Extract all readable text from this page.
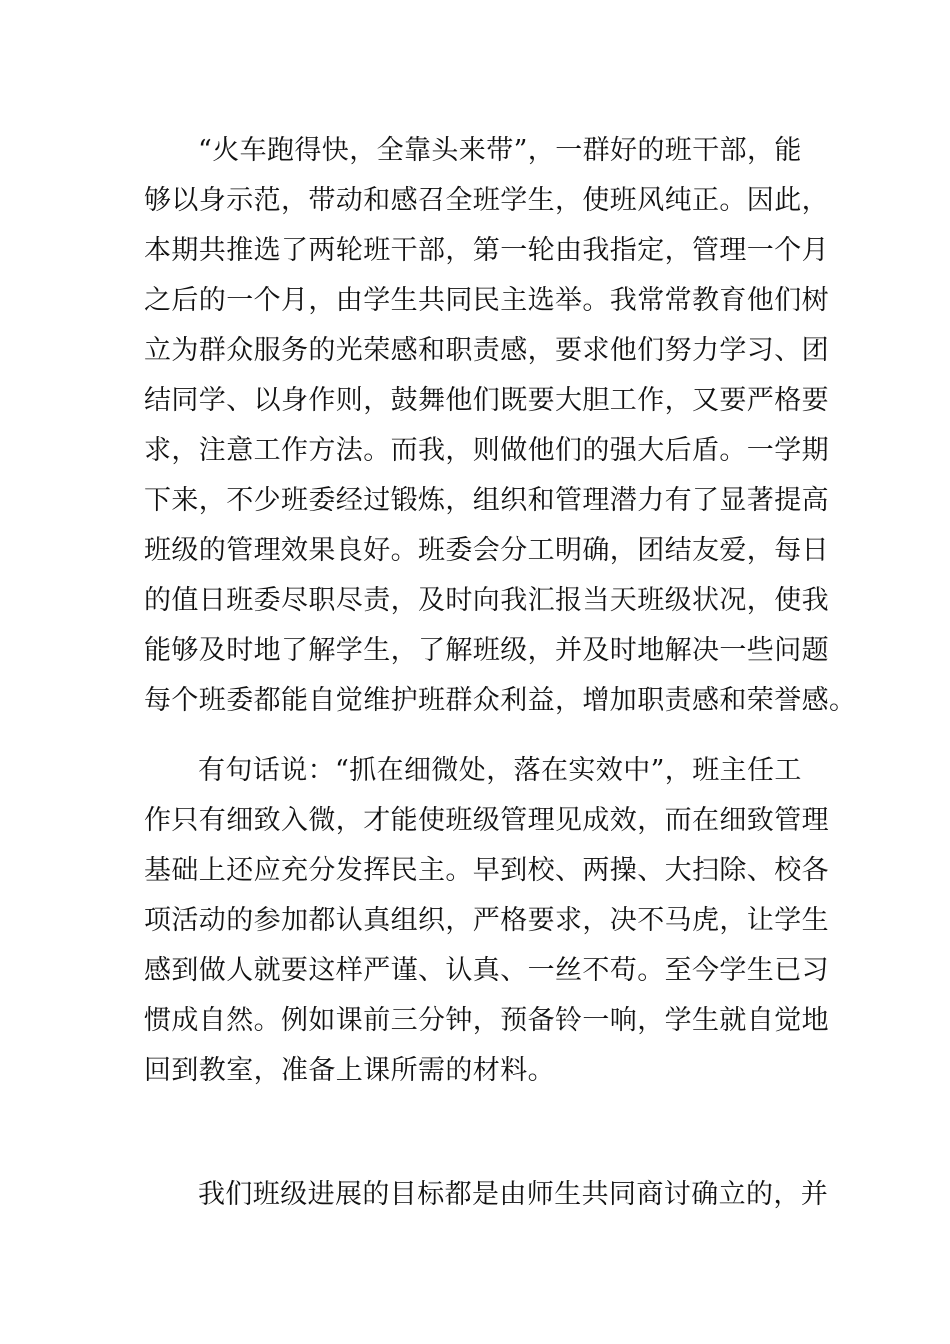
“火车跑得快，全靠头来带”，一群好的班干部，能
够以身示范，带动和感召全班学生，使班风纯正。因此，
本期共推选了两轮班干部，第一轮由我指定，管理一个月
之后的一个月，由学生共同民主选举。我常常教育他们树
立为群众服务的光荣感和职责感，要求他们努力学习、团
结同学、以身作则，鼓舞他们既要大胆工作，又要严格要
求，注意工作方法。而我，则做他们的强大后盾。一学期
下来，不少班委经过锻炼，组织和管理潜力有了显著提高
班级的管理效果良好。班委会分工明确，团结友爱，每日
的值日班委尽职尽责，及时向我汇报当天班级状况，使我
能够及时地了解学生，了解班级，并及时地解决一些问题
每个班委都能自觉维护班群众利益，增加职责感和荣誉感。
有句话说：“抓在细微处，落在实效中”，班主任工
作只有细致入微，才能使班级管理见成效，而在细致管理
基础上还应充分发挥民主。早到校、两操、大扫除、校各
项活动的参加都认真组织，严格要求，决不马虎，让学生
感到做人就要这样严谨、认真、一丝不苟。至今学生已习
惯成自然。例如课前三分钟，预备铃一响，学生就自觉地
回到教室，准备上课所需的材料。
我们班级进展的目标都是由师生共同商讨确立的，并
